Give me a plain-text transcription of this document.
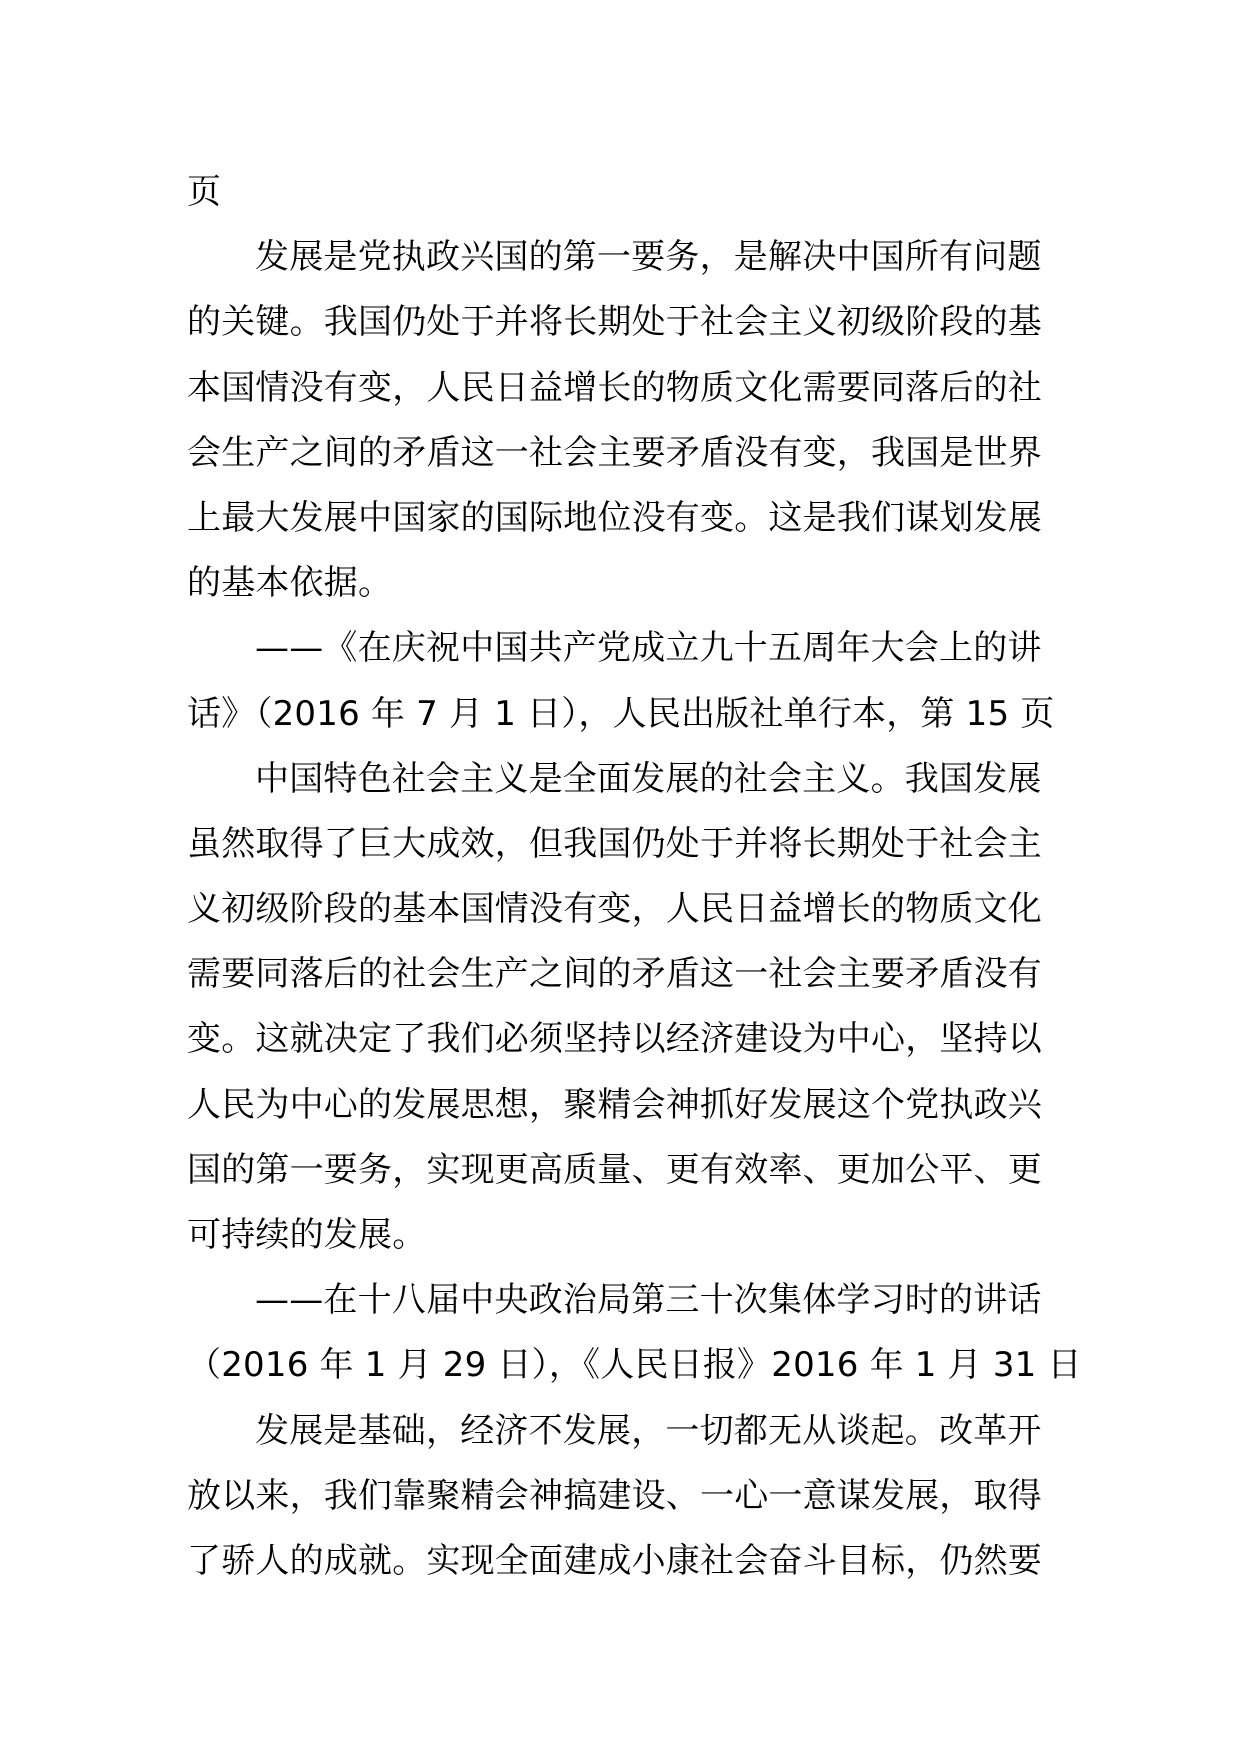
页
发展是党执政兴国的第一要务，是解决中国所有问题
的关键。我国仍处于并将长期处于社会主义初级阶段的基
本国情没有变，人民日益增长的物质文化需要同落后的社
会生产之间的矛盾这一社会主要矛盾没有变，我国是世界
上最大发展中国家的国际地位没有变。这是我们谋划发展
的基本依据。
——《在庆祝中国共产党成立九十五周年大会上的讲
话》（2016 年 7 月 1 日），人民出版社单行本，第 15 页
中国特色社会主义是全面发展的社会主义。我国发展
虽然取得了巨大成效，但我国仍处于并将长期处于社会主
义初级阶段的基本国情没有变，人民日益增长的物质文化
需要同落后的社会生产之间的矛盾这一社会主要矛盾没有
变。这就决定了我们必须坚持以经济建设为中心，坚持以
人民为中心的发展思想，聚精会神抓好发展这个党执政兴
国的第一要务，实现更高质量、更有效率、更加公平、更
可持续的发展。
——在十八届中央政治局第三十次集体学习时的讲话
（2016 年 1 月 29 日），《人民日报》2016 年 1 月 31 日
发展是基础，经济不发展，一切都无从谈起。改革开
放以来，我们靠聚精会神搞建设、一心一意谋发展，取得
了骄人的成就。实现全面建成小康社会奋斗目标，仍然要
